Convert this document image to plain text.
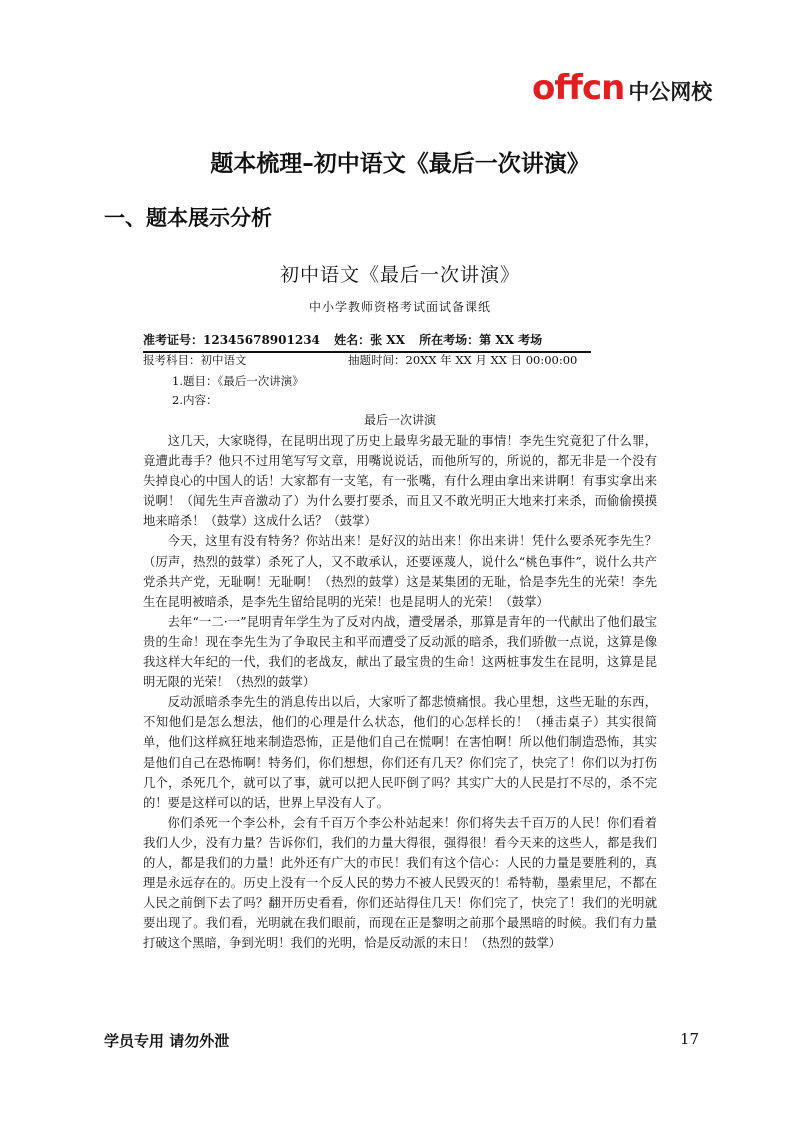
offcn 中公网校
题本梳理–初中语文《最后一次讲演》
一、题本展示分析
初中语文《最后一次讲演》
中小学教师资格考试面试备课纸
准考证号：12345678901234 姓名：张 XX 所在考场：第 XX 考场
报考科目：初中语文	抽题时间：20XX 年 XX 月 XX 日 00:00:00
1.题目：《最后一次讲演》
2.内容：
最后一次讲演

这几天，大家晓得，在昆明出现了历史上最卑劣最无耻的事情！李先生究竟犯了什么罪，竟遭此毒手？他只不过用笔写写文章，用嘴说说话，而他所写的，所说的，都无非是一个没有失掉良心的中国人的话！大家都有一支笔，有一张嘴，有什么理由拿出来讲啊！有事实拿出来说啊！（闻先生声音激动了）为什么要打要杀，而且又不敢光明正大地来打来杀，而偷偷摸摸地来暗杀！（鼓掌）这成什么话？（鼓掌）

今天，这里有没有特务？你站出来！是好汉的站出来！你出来讲！凭什么要杀死李先生？（厉声，热烈的鼓掌）杀死了人，又不敢承认，还要诬蔑人，说什么“桃色事件”，说什么共产党杀共产党，无耻啊！无耻啊！（热烈的鼓掌）这是某集团的无耻，恰是李先生的光荣！李先生在昆明被暗杀，是李先生留给昆明的光荣！也是昆明人的光荣！（鼓掌）

去年“一二·一”昆明青年学生为了反对内战，遭受屠杀，那算是青年的一代献出了他们最宝贵的生命！现在李先生为了争取民主和平而遭受了反动派的暗杀，我们骄傲一点说，这算是像我这样大年纪的一代，我们的老战友，献出了最宝贵的生命！这两桩事发生在昆明，这算是昆明无限的光荣！（热烈的鼓掌）

反动派暗杀李先生的消息传出以后，大家听了都悲愤痛恨。我心里想，这些无耻的东西，不知他们是怎么想法，他们的心理是什么状态，他们的心怎样长的！（捶击桌子）其实很简单，他们这样疯狂地来制造恐怖，正是他们自己在慌啊！在害怕啊！所以他们制造恐怖，其实是他们自己在恐怖啊！特务们，你们想想，你们还有几天？你们完了，快完了！你们以为打伤几个，杀死几个，就可以了事，就可以把人民吓倒了吗？其实广大的人民是打不尽的，杀不完的！要是这样可以的话，世界上早没有人了。

你们杀死一个李公朴，会有千百万个李公朴站起来！你们将失去千百万的人民！你们看着我们人少，没有力量？告诉你们，我们的力量大得很，强得很！看今天来的这些人，都是我们的人，都是我们的力量！此外还有广大的市民！我们有这个信心：人民的力量是要胜利的，真理是永远存在的。历史上没有一个反人民的势力不被人民毁灭的！希特勒，墨索里尼，不都在人民之前倒下去了吗？翻开历史看看，你们还站得住几天！你们完了，快完了！我们的光明就要出现了。我们看，光明就在我们眼前，而现在正是黎明之前那个最黑暗的时候。我们有力量打破这个黑暗，争到光明！我们的光明，恰是反动派的末日！（热烈的鼓掌）

学员专用 请勿外泄	17
